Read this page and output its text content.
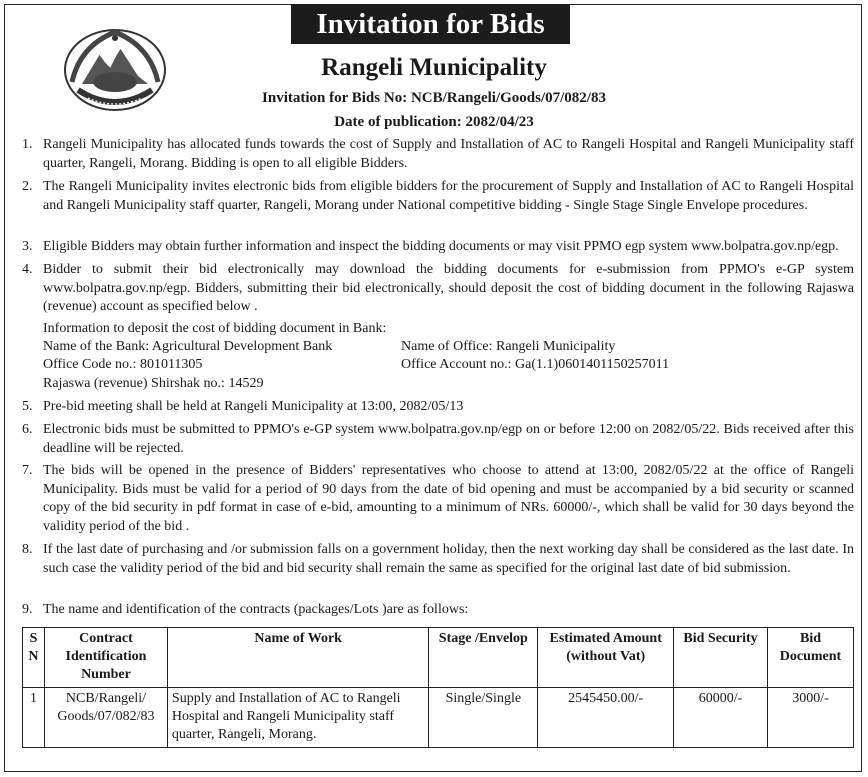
Invitation for Bids
Rangeli Municipality
Invitation for Bids No: NCB/Rangeli/Goods/07/082/83
Date of publication: 2082/04/23
1. Rangeli Municipality has allocated funds towards the cost of Supply and Installation of AC to Rangeli Hospital and Rangeli Municipality staff quarter, Rangeli, Morang. Bidding is open to all eligible Bidders.
2. The Rangeli Municipality invites electronic bids from eligible bidders for the procurement of Supply and Installation of AC to Rangeli Hospital and Rangeli Municipality staff quarter, Rangeli, Morang under National competitive bidding - Single Stage Single Envelope procedures.
3. Eligible Bidders may obtain further information and inspect the bidding documents or may visit PPMO egp system www.bolpatra.gov.np/egp.
4. Bidder to submit their bid electronically may download the bidding documents for e-submission from PPMO's e-GP system www.bolpatra.gov.np/egp. Bidders, submitting their bid electronically, should deposit the cost of bidding document in the following Rajaswa (revenue) account as specified below .
Information to deposit the cost of bidding document in Bank:
Name of the Bank: Agricultural Development Bank	Name of Office: Rangeli Municipality
Office Code no.: 801011305	Office Account no.: Ga(1.1)0601401150257011
Rajaswa (revenue) Shirshak no.: 14529
5. Pre-bid meeting shall be held at Rangeli Municipality at 13:00, 2082/05/13
6. Electronic bids must be submitted to PPMO's e-GP system www.bolpatra.gov.np/egp on or before 12:00 on 2082/05/22. Bids received after this deadline will be rejected.
7. The bids will be opened in the presence of Bidders' representatives who choose to attend at 13:00, 2082/05/22 at the office of Rangeli Municipality. Bids must be valid for a period of 90 days from the date of bid opening and must be accompanied by a bid security or scanned copy of the bid security in pdf format in case of e-bid, amounting to a minimum of NRs. 60000/-, which shall be valid for 30 days beyond the validity period of the bid .
8. If the last date of purchasing and /or submission falls on a government holiday, then the next working day shall be considered as the last date. In such case the validity period of the bid and bid security shall remain the same as specified for the original last date of bid submission.
9. The name and identification of the contracts (packages/Lots )are as follows:
S N	Contract Identification Number	Name of Work	Stage /Envelop	Estimated Amount (without Vat)	Bid Security	Bid Document
1	NCB/Rangeli/ Goods/07/082/83	Supply and Installation of AC to Rangeli Hospital and Rangeli Municipality staff quarter, Rangeli, Morang.	Single/Single	2545450.00/-	60000/-	3000/-
